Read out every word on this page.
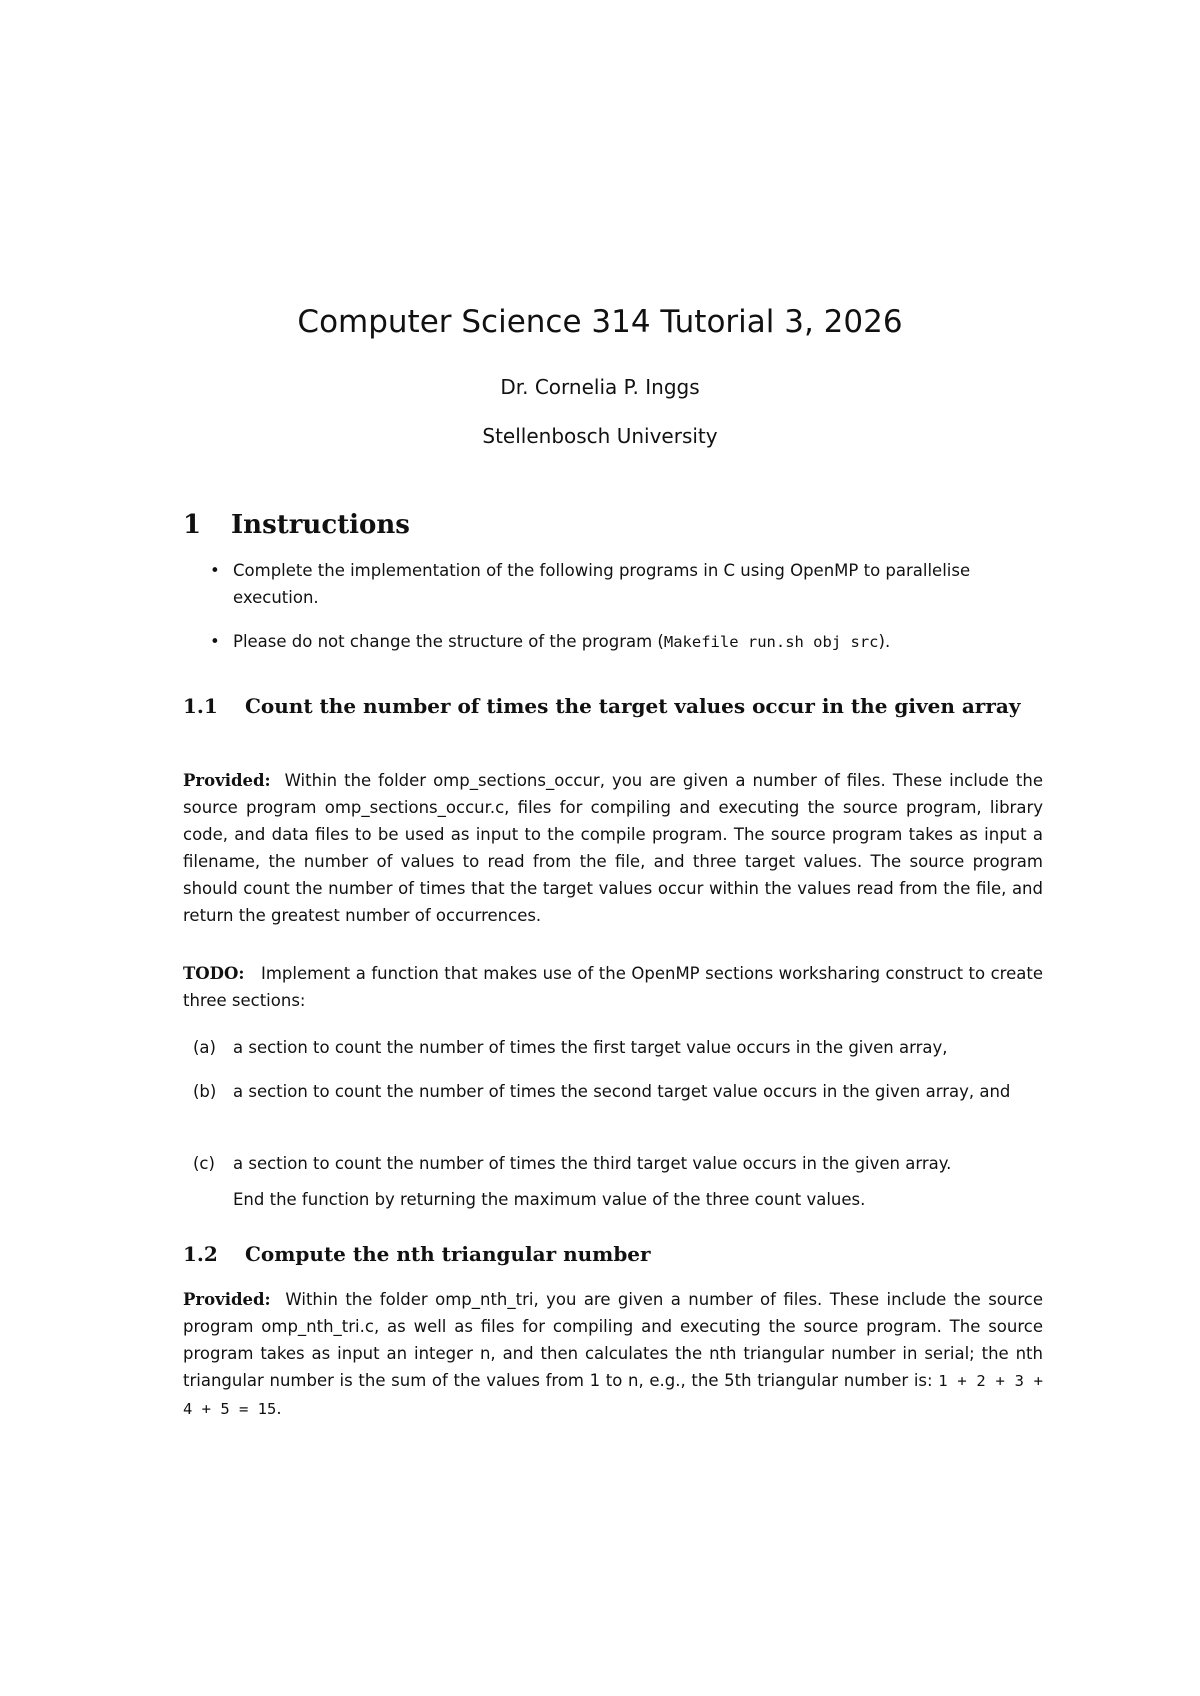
Computer Science 314 Tutorial 3, 2026
Dr. Cornelia P. Inggs
Stellenbosch University
1 Instructions
• Complete the implementation of the following programs in C using OpenMP to parallelise execution.
• Please do not change the structure of the program (Makefile run.sh obj src).
1.1 Count the number of times the target values occur in the given array
Provided: Within the folder omp_sections_occur, you are given a number of files. These include the source program omp_sections_occur.c, files for compiling and executing the source program, library code, and data files to be used as input to the compile program. The source program takes as input a filename, the number of values to read from the file, and three target values. The source program should count the number of times that the target values occur within the values read from the file, and return the greatest number of occurrences.
TODO: Implement a function that makes use of the OpenMP sections worksharing construct to create three sections:
(a) a section to count the number of times the first target value occurs in the given array,
(b) a section to count the number of times the second target value occurs in the given array, and
(c) a section to count the number of times the third target value occurs in the given array.
End the function by returning the maximum value of the three count values.
1.2 Compute the nth triangular number
Provided: Within the folder omp_nth_tri, you are given a number of files. These include the source program omp_nth_tri.c, as well as files for compiling and executing the source program. The source program takes as input an integer n, and then calculates the nth triangular number in serial; the nth triangular number is the sum of the values from 1 to n, e.g., the 5th triangular number is: 1 + 2 + 3 + 4 + 5 = 15.
